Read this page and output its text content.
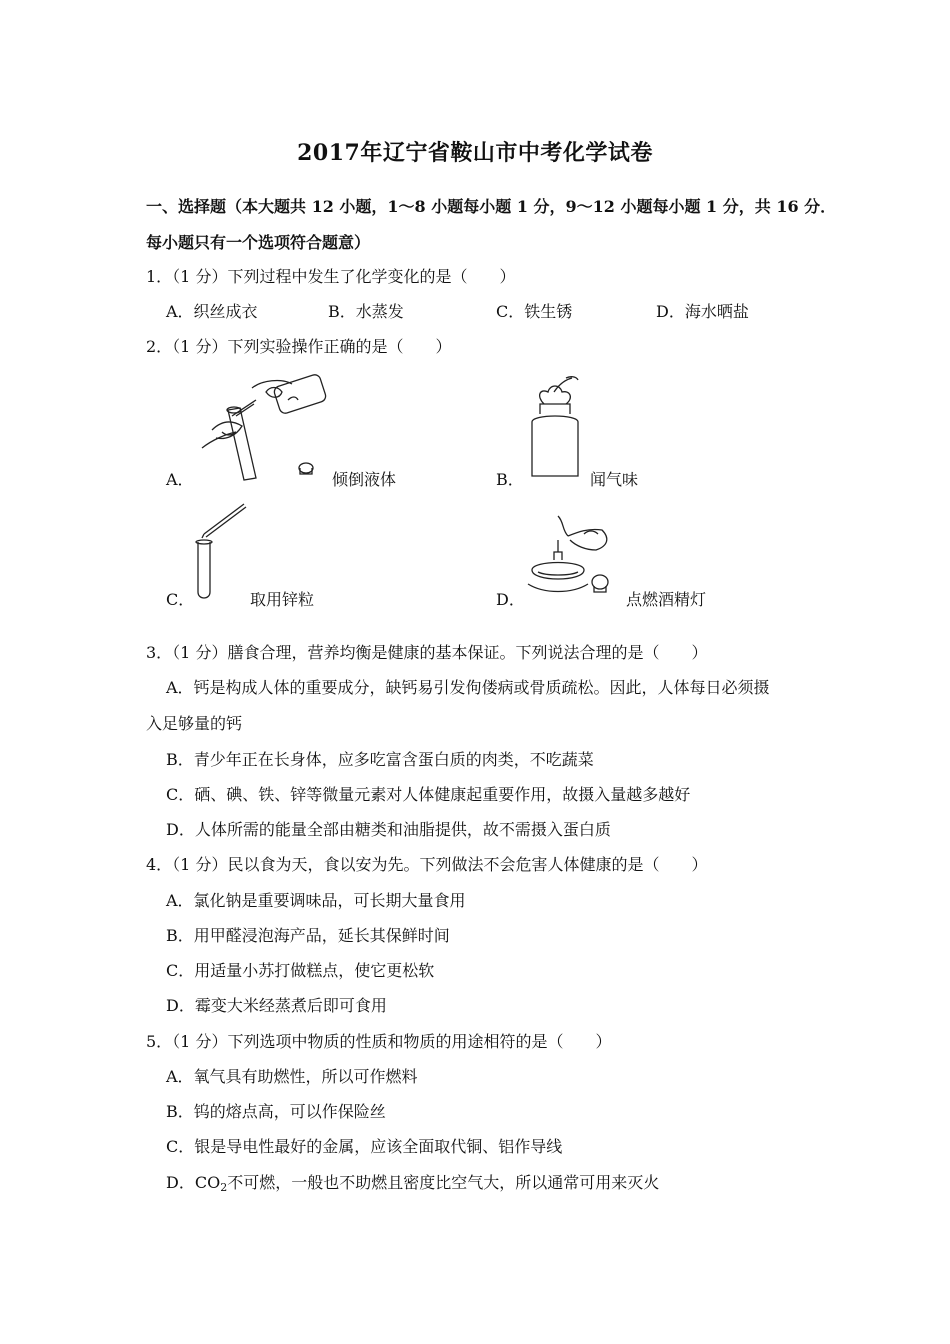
2017年辽宁省鞍山市中考化学试卷
一、选择题（本大题共 12 小题，1～8 小题每小题 1 分，9～12 小题每小题 1 分，共 16 分．
每小题只有一个选项符合题意）
1．（1 分）下列过程中发生了化学变化的是（　　）
A．织丝成衣	B．水蒸发	C．铁生锈	D．海水晒盐
2．（1 分）下列实验操作正确的是（　　）
A．	倾倒液体	B．	闻气味
C．	取用锌粒	D．	点燃酒精灯
3．（1 分）膳食合理，营养均衡是健康的基本保证。下列说法合理的是（　　）
A．钙是构成人体的重要成分，缺钙易引发佝偻病或骨质疏松。因此，人体每日必须摄
入足够量的钙
B．青少年正在长身体，应多吃富含蛋白质的肉类，不吃蔬菜
C．硒、碘、铁、锌等微量元素对人体健康起重要作用，故摄入量越多越好
D．人体所需的能量全部由糖类和油脂提供，故不需摄入蛋白质
4．（1 分）民以食为天，食以安为先。下列做法不会危害人体健康的是（　　）
A．氯化钠是重要调味品，可长期大量食用
B．用甲醛浸泡海产品，延长其保鲜时间
C．用适量小苏打做糕点，使它更松软
D．霉变大米经蒸煮后即可食用
5．（1 分）下列选项中物质的性质和物质的用途相符的是（　　）
A．氧气具有助燃性，所以可作燃料
B．钨的熔点高，可以作保险丝
C．银是导电性最好的金属，应该全面取代铜、铝作导线
D．$CO_2$不可燃，一般也不助燃且密度比空气大，所以通常可用来灭火
